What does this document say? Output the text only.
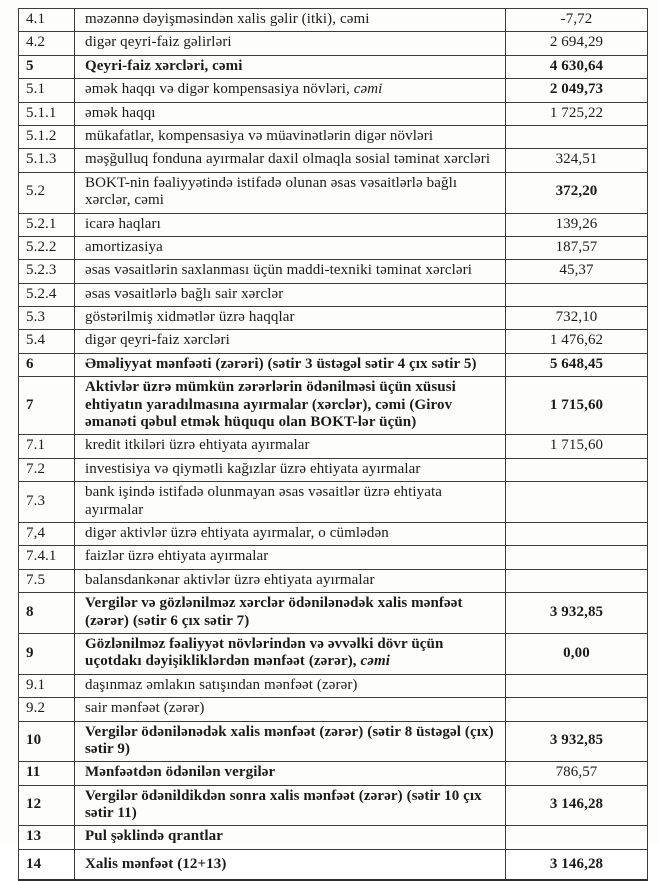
4.1	məzənnə dəyişməsindən xalis gəlir (itki), cəmi	-7,72
4.2	digər qeyri-faiz gəlirləri	2 694,29
5	Qeyri-faiz xərcləri, cəmi	4 630,64
5.1	əmək haqqı və digər kompensasiya növləri, cəmi	2 049,73
5.1.1	əmək haqqı	1 725,22
5.1.2	mükafatlar, kompensasiya və müavinətlərin digər növləri	
5.1.3	məşğulluq fonduna ayırmalar daxil olmaqla sosial təminat xərcləri	324,51
5.2	BOKT-nin fəaliyyətində istifadə olunan əsas vəsaitlərlə bağlı xərclər, cəmi	372,20
5.2.1	icarə haqları	139,26
5.2.2	amortizasiya	187,57
5.2.3	əsas vəsaitlərin saxlanması üçün maddi-texniki təminat xərcləri	45,37
5.2.4	əsas vəsaitlərlə bağlı sair xərclər	
5.3	göstərilmiş xidmətlər üzrə haqqlar	732,10
5.4	digər qeyri-faiz xərcləri	1 476,62
6	Əməliyyat mənfəəti (zərəri) (sətir 3 üstəgəl sətir 4 çıx sətir 5)	5 648,45
7	Aktivlər üzrə mümkün zərərlərin ödənilməsi üçün xüsusi ehtiyatın yaradılmasına ayırmalar (xərclər), cəmi (Girov əmanəti qəbul etmək hüququ olan BOKT-lər üçün)	1 715,60
7.1	kredit itkiləri üzrə ehtiyata ayırmalar	1 715,60
7.2	investisiya və qiymətli kağızlar üzrə ehtiyata ayırmalar	
7.3	bank işində istifadə olunmayan əsas vəsaitlər üzrə ehtiyata ayırmalar	
7,4	digər aktivlər üzrə ehtiyata ayırmalar, o cümlədən	
7.4.1	faizlər üzrə ehtiyata ayırmalar	
7.5	balansdankənar aktivlər üzrə ehtiyata ayırmalar	
8	Vergilər və gözlənilməz xərclər ödənilənədək xalis mənfəət (zərər) (sətir 6 çıx sətir 7)	3 932,85
9	Gözlənilməz fəaliyyət növlərindən və əvvəlki dövr üçün uçotdakı dəyişikliklərdən mənfəət (zərər), cəmi	0,00
9.1	daşınmaz əmlakın satışından mənfəət (zərər)	
9.2	sair mənfəət (zərər)	
10	Vergilər ödənilənədək xalis mənfəət (zərər) (sətir 8 üstəgəl (çıx) sətir 9)	3 932,85
11	Mənfəətdən ödənilən vergilər	786,57
12	Vergilər ödənildikdən sonra xalis mənfəət (zərər) (sətir 10 çıx sətir 11)	3 146,28
13	Pul şəklində qrantlar	
14	Xalis mənfəət (12+13)	3 146,28
